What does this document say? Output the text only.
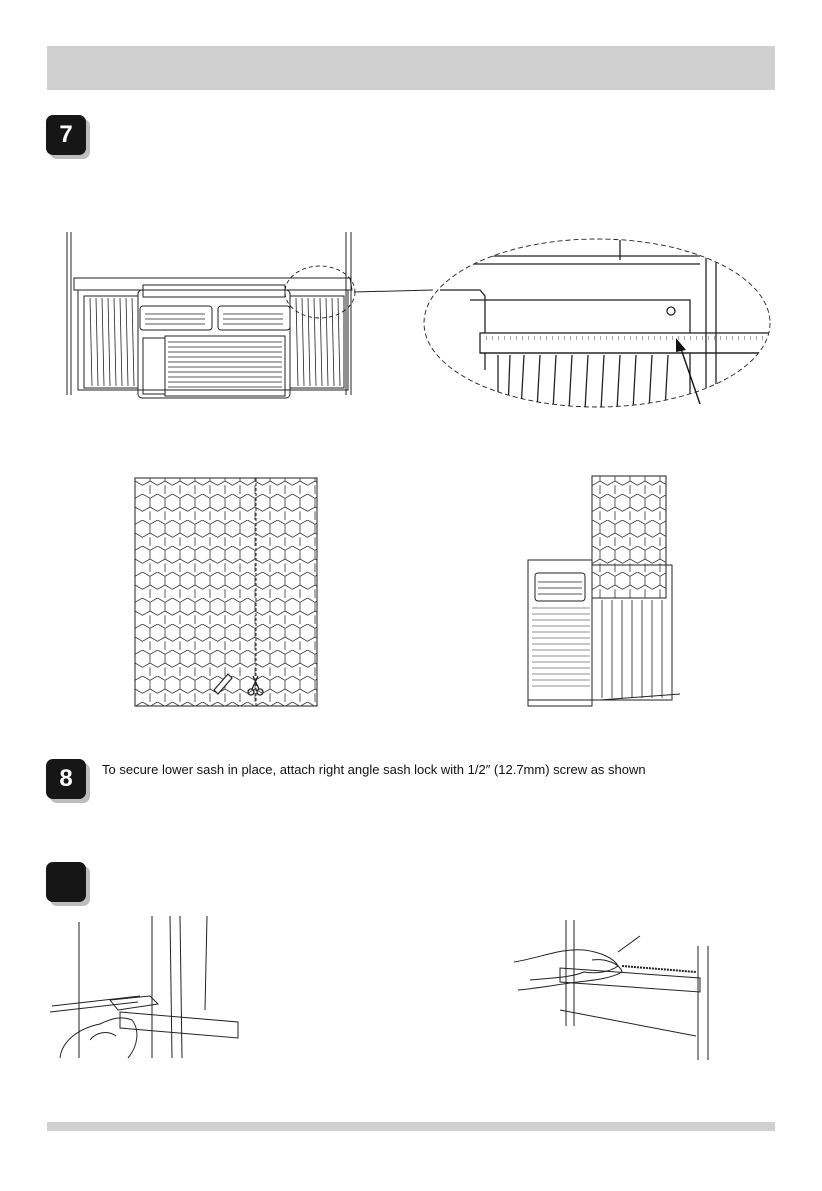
7
8	To secure lower sash in place, attach right angle sash lock with 1/2″ (12.7mm) screw as shown
